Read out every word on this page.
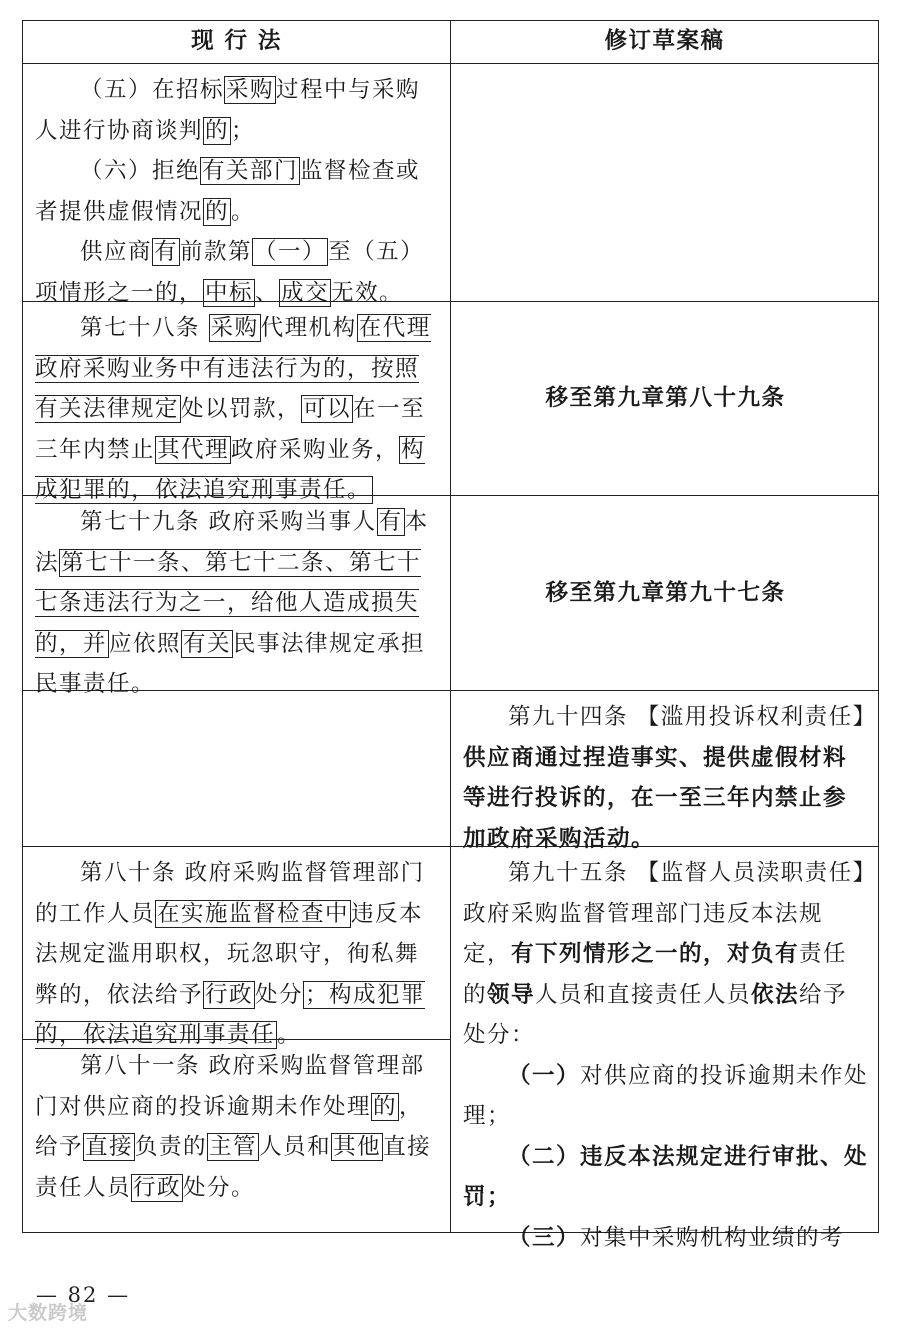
现 行 法	修订草案稿

（五）在招标采购过程中与采购人进行协商谈判的；

（六）拒绝有关部门监督检查或者提供虚假情况的。

供应商有前款第（一）至（五）项情形之一的，中标、成交无效。

第七十八条 采购代理机构在代理政府采购业务中有违法行为的，按照有关法律规定处以罚款，可以在一至三年内禁止其代理政府采购业务，构成犯罪的，依法追究刑事责任。

移至第九章第八十九条

第七十九条 政府采购当事人有本法第七十一条、第七十二条、第七十七条违法行为之一，给他人造成损失的，并应依照有关民事法律规定承担民事责任。

移至第九章第九十七条

第九十四条 【滥用投诉权利责任】供应商通过捏造事实、提供虚假材料等进行投诉的，在一至三年内禁止参加政府采购活动。

第八十条 政府采购监督管理部门的工作人员在实施监督检查中违反本法规定滥用职权，玩忽职守，徇私舞弊的，依法给予行政处分；构成犯罪的，依法追究刑事责任。

第八十一条 政府采购监督管理部门对供应商的投诉逾期未作处理的，给予直接负责的主管人员和其他直接责任人员行政处分。

第九十五条 【监督人员渎职责任】政府采购监督管理部门违反本法规定，有下列情形之一的，对负有责任的领导人员和直接责任人员依法给予处分：

（一）对供应商的投诉逾期未作处理；

（二）违反本法规定进行审批、处罚；

（三）对集中采购机构业绩的考

— 82 —
大数跨境
